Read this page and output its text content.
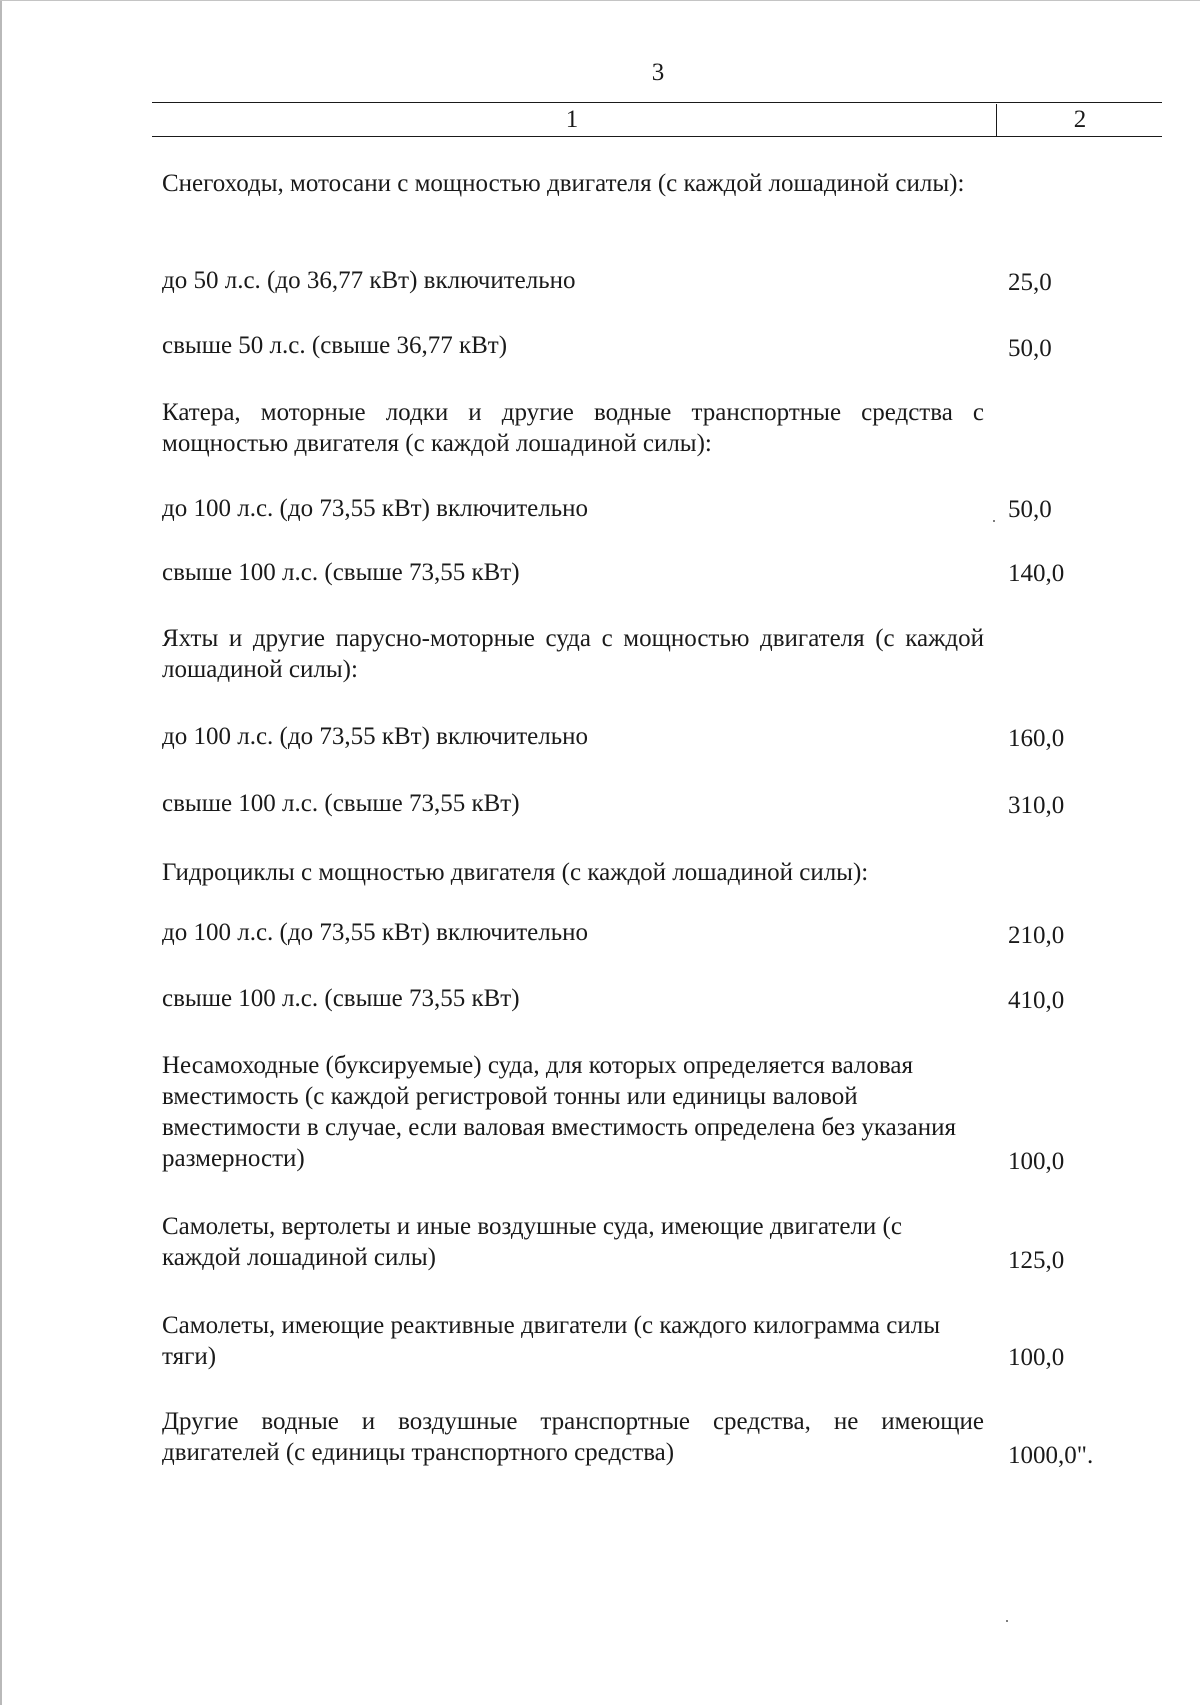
3
1	2
Снегоходы, мотосани с мощностью двигателя (с каждой лошадиной силы):
до 50 л.с. (до 36,77 кВт) включительно	25,0
свыше 50 л.с. (свыше 36,77 кВт)	50,0
Катера, моторные лодки и другие водные транспортные средства с мощностью двигателя (с каждой лошадиной силы):
до 100 л.с. (до 73,55 кВт) включительно	50,0
свыше 100 л.с. (свыше 73,55 кВт)	140,0
Яхты и другие парусно-моторные суда с мощностью двигателя (с каждой лошадиной силы):
до 100 л.с. (до 73,55 кВт) включительно	160,0
свыше 100 л.с. (свыше 73,55 кВт)	310,0
Гидроциклы с мощностью двигателя (с каждой лошадиной силы):
до 100 л.с. (до 73,55 кВт) включительно	210,0
свыше 100 л.с. (свыше 73,55 кВт)	410,0
Несамоходные (буксируемые) суда, для которых определяется валовая вместимость (с каждой регистровой тонны или единицы валовой вместимости в случае, если валовая вместимость определена без указания размерности)	100,0
Самолеты, вертолеты и иные воздушные суда, имеющие двигатели (с каждой лошадиной силы)	125,0
Самолеты, имеющие реактивные двигатели (с каждого килограмма силы тяги)	100,0
Другие водные и воздушные транспортные средства, не имеющие двигателей (с единицы транспортного средства)	1000,0".
